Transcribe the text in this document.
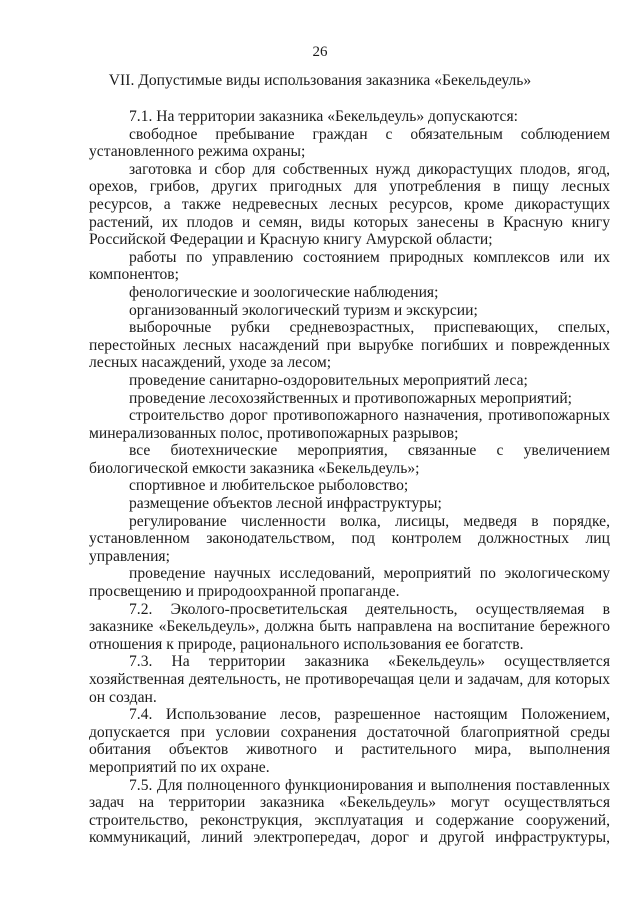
26
VII. Допустимые виды использования заказника «Бекельдеуль»

7.1. На территории заказника «Бекельдеуль» допускаются:

свободное пребывание граждан с обязательным соблюдением установленного режима охраны;

заготовка и сбор для собственных нужд дикорастущих плодов, ягод, орехов, грибов, других пригодных для употребления в пищу лесных ресурсов, а также недревесных лесных ресурсов, кроме дикорастущих растений, их плодов и семян, виды которых занесены в Красную книгу Российской Федерации и Красную книгу Амурской области;

работы по управлению состоянием природных комплексов или их компонентов;

фенологические и зоологические наблюдения;

организованный экологический туризм и экскурсии;

выборочные рубки средневозрастных, приспевающих, спелых, перестойных лесных насаждений при вырубке погибших и поврежденных лесных насаждений, уходе за лесом;

проведение санитарно-оздоровительных мероприятий леса;

проведение лесохозяйственных и противопожарных мероприятий;

строительство дорог противопожарного назначения, противопожарных минерализованных полос, противопожарных разрывов;

все биотехнические мероприятия, связанные с увеличением биологической емкости заказника «Бекельдеуль»;

спортивное и любительское рыболовство;

размещение объектов лесной инфраструктуры;

регулирование численности волка, лисицы, медведя в порядке, установленном законодательством, под контролем должностных лиц управления;

проведение научных исследований, мероприятий по экологическому просвещению и природоохранной пропаганде.

7.2. Эколого-просветительская деятельность, осуществляемая в заказнике «Бекельдеуль», должна быть направлена на воспитание бережного отношения к природе, рационального использования ее богатств.

7.3. На территории заказника «Бекельдеуль» осуществляется хозяйственная деятельность, не противоречащая цели и задачам, для которых он создан.

7.4. Использование лесов, разрешенное настоящим Положением, допускается при условии сохранения достаточной благоприятной среды обитания объектов животного и растительного мира, выполнения мероприятий по их охране.

7.5. Для полноценного функционирования и выполнения поставленных задач на территории заказника «Бекельдеуль» могут осуществляться строительство, реконструкция, эксплуатация и содержание сооружений, коммуникаций, линий электропередач, дорог и другой инфраструктуры,
